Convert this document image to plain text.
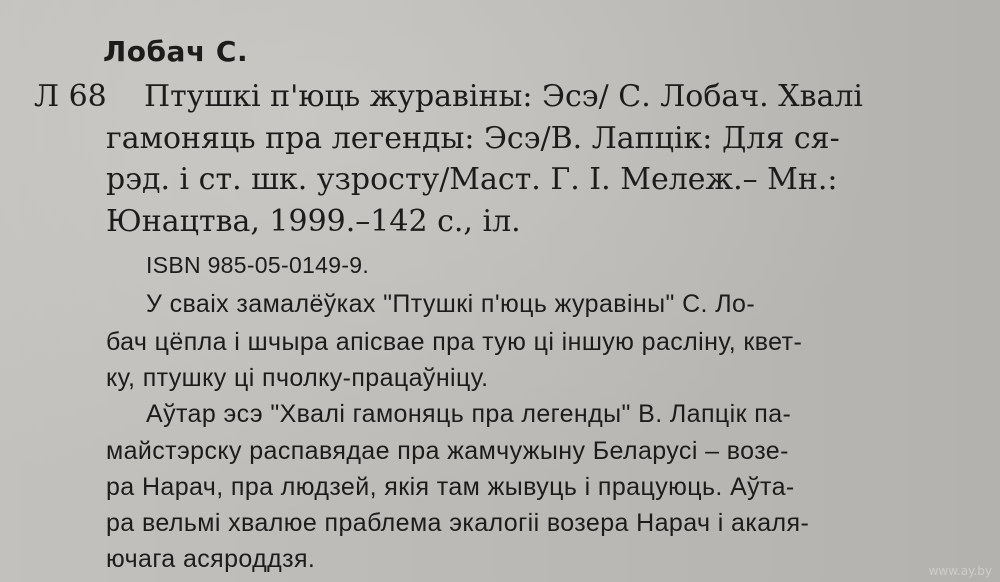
Лобач С.
Л 68 Птушкі п'юць журавіны: Эсэ/ С. Лобач. Хвалі
гамоняць пра легенды: Эсэ/В. Лапцік: Для ся-
рэд. і ст. шк. узросту/Маст. Г. І. Мележ.– Мн.:
Юнацтва, 1999.–142 с., іл.
ISBN 985-05-0149-9.
У сваіх замалёўках "Птушкі п'юць журавіны" С. Ло-
бач цёпла і шчыра апісвае пра тую ці іншую расліну, квет-
ку, птушку ці пчолку-працаўніцу.
Аўтар эсэ "Хвалі гамоняць пра легенды" В. Лапцік па-
майстэрску распавядае пра жамчужыну Беларусі – возе-
ра Нарач, пра людзей, якія там жывуць і працуюць. Аўта-
ра вельмі хвалюе праблема экалогіі возера Нарач і акаля-
ючага асяроддзя.	www.ay.by
